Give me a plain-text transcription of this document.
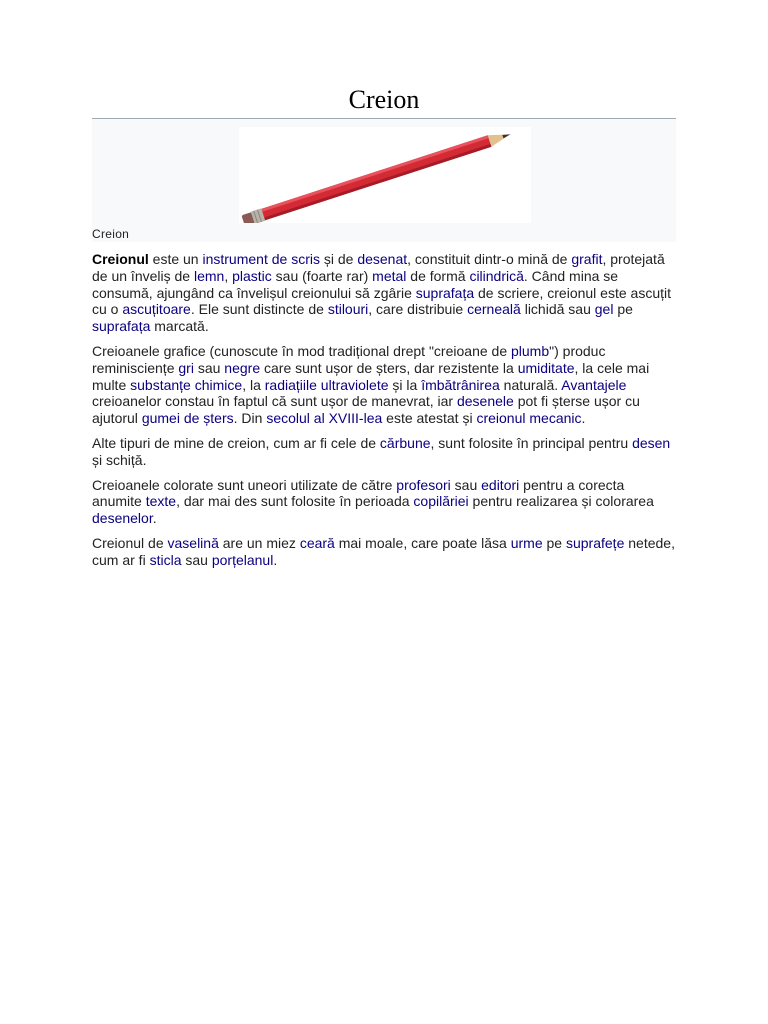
Creion
Creion

Creionul este un instrument de scris și de desenat, constituit dintr-o mină de grafit, protejată de un înveliș de lemn, plastic sau (foarte rar) metal de formă cilindrică. Când mina se consumă, ajungând ca învelișul creionului să zgârie suprafața de scriere, creionul este ascuțit cu o ascuțitoare. Ele sunt distincte de stilouri, care distribuie cerneală lichidă sau gel pe suprafața marcată.

Creioanele grafice (cunoscute în mod tradițional drept "creioane de plumb") produc reminisciențe gri sau negre care sunt ușor de șters, dar rezistente la umiditate, la cele mai multe substanțe chimice, la radiațiile ultraviolete și la îmbătrânirea naturală. Avantajele creioanelor constau în faptul că sunt ușor de manevrat, iar desenele pot fi șterse ușor cu ajutorul gumei de șters. Din secolul al XVIII-lea este atestat și creionul mecanic.

Alte tipuri de mine de creion, cum ar fi cele de cărbune, sunt folosite în principal pentru desen și schiță.

Creioanele colorate sunt uneori utilizate de către profesori sau editori pentru a corecta anumite texte, dar mai des sunt folosite în perioada copilăriei pentru realizarea și colorarea desenelor.

Creionul de vaselină are un miez ceară mai moale, care poate lăsa urme pe suprafețe netede, cum ar fi sticla sau porțelanul.
